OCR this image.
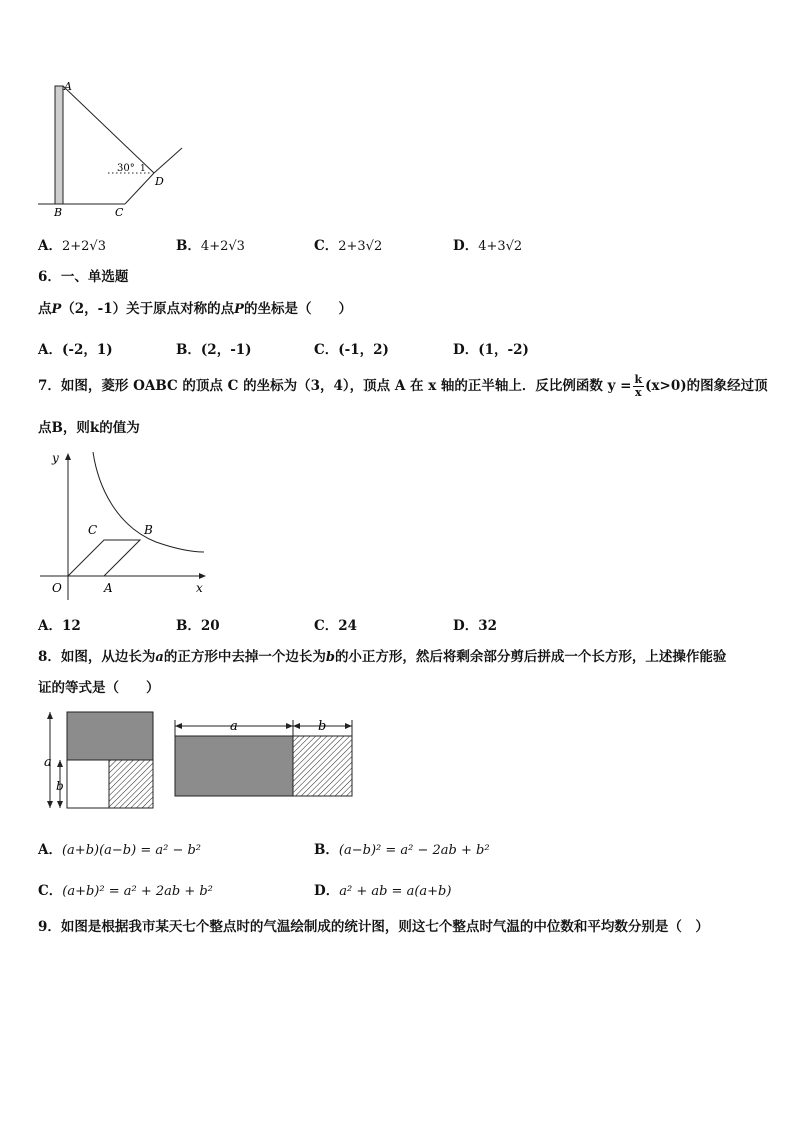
A
B	C
D
30° 1
A．2+2√3	B．4+2√3	C．2+3√2	D．4+3√2
6．一、单选题
点P（2，-1）关于原点对称的点P的坐标是（　　）
A．(-2，1)	B．(2，-1)	C．(-1，2)	D．(1，-2)
7．如图，菱形 OABC 的顶点 C 的坐标为（3，4），顶点 A 在 x 轴的正半轴上．反比例函数 $y = \frac{k}{x} (x>0)$的图象经过顶
点B，则k的值为
y
x
O	A
B
C
A．12	B．20	C．24	D．32
8．如图，从边长为a的正方形中去掉一个边长为b的小正方形，然后将剩余部分剪后拼成一个长方形，上述操作能验
证的等式是（　　）
a
b
a	b
A．(a+b)(a−b) = a² − b²	B．(a−b)² = a² − 2ab + b²
C．(a+b)² = a² + 2ab + b²	D．a² + ab = a(a+b)
9．如图是根据我市某天七个整点时的气温绘制成的统计图，则这七个整点时气温的中位数和平均数分别是（　）
